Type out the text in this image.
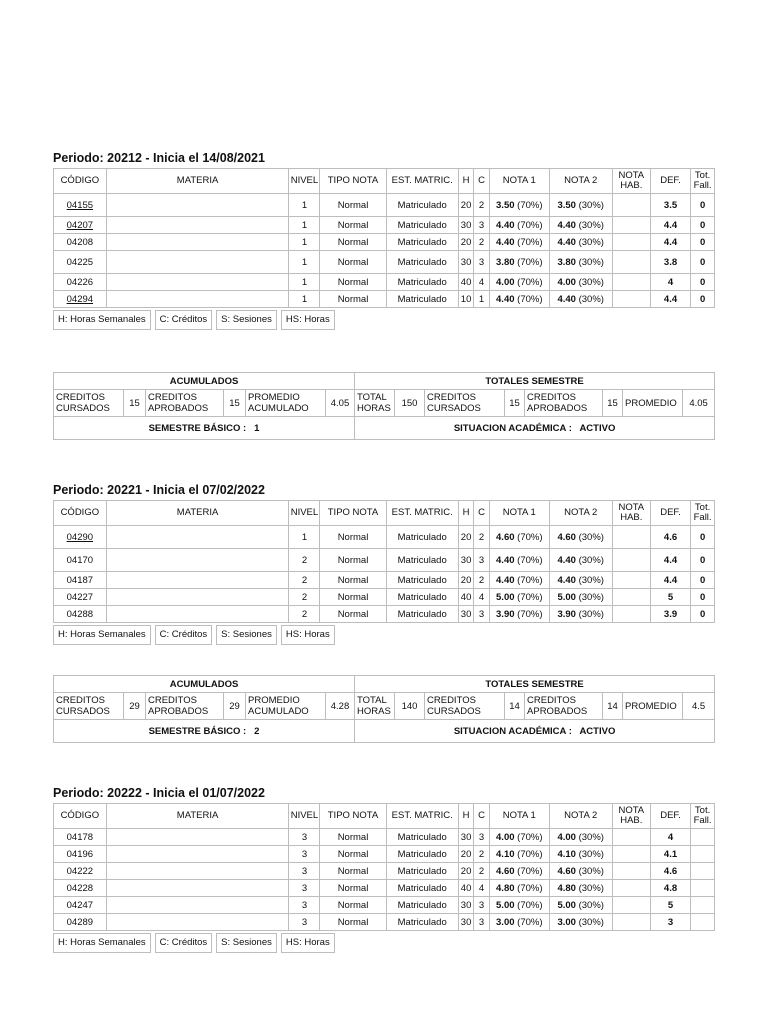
Periodo: 20212 - Inicia el 14/08/2021
CÓDIGO	MATERIA	NIVEL	TIPO NOTA	EST. MATRIC.	H	C	NOTA 1	NOTA 2	NOTA HAB.	DEF.	Tot. Fall.
04155		1	Normal	Matriculado	20	2	3.50 (70%)	3.50 (30%)		3.5	0
04207		1	Normal	Matriculado	30	3	4.40 (70%)	4.40 (30%)		4.4	0
04208		1	Normal	Matriculado	20	2	4.40 (70%)	4.40 (30%)		4.4	0
04225		1	Normal	Matriculado	30	3	3.80 (70%)	3.80 (30%)		3.8	0
04226		1	Normal	Matriculado	40	4	4.00 (70%)	4.00 (30%)		4	0
04294		1	Normal	Matriculado	10	1	4.40 (70%)	4.40 (30%)		4.4	0
H: Horas Semanales	C: Créditos	S: Sesiones	HS: Horas
ACUMULADOS						TOTALES SEMESTRE							
CREDITOS CURSADOS	15	CREDITOS APROBADOS	15	PROMEDIO ACUMULADO	4.05	TOTAL HORAS	150	CREDITOS CURSADOS	15	CREDITOS APROBADOS	15	PROMEDIO	4.05
SEMESTRE BÁSICO : 1						SITUACION ACADÉMICA : ACTIVO							
Periodo: 20221 - Inicia el 07/02/2022
CÓDIGO	MATERIA	NIVEL	TIPO NOTA	EST. MATRIC.	H	C	NOTA 1	NOTA 2	NOTA HAB.	DEF.	Tot. Fall.
04290		1	Normal	Matriculado	20	2	4.60 (70%)	4.60 (30%)		4.6	0
04170		2	Normal	Matriculado	30	3	4.40 (70%)	4.40 (30%)		4.4	0
04187		2	Normal	Matriculado	20	2	4.40 (70%)	4.40 (30%)		4.4	0
04227		2	Normal	Matriculado	40	4	5.00 (70%)	5.00 (30%)		5	0
04288		2	Normal	Matriculado	30	3	3.90 (70%)	3.90 (30%)		3.9	0
H: Horas Semanales	C: Créditos	S: Sesiones	HS: Horas
ACUMULADOS						TOTALES SEMESTRE							
CREDITOS CURSADOS	29	CREDITOS APROBADOS	29	PROMEDIO ACUMULADO	4.28	TOTAL HORAS	140	CREDITOS CURSADOS	14	CREDITOS APROBADOS	14	PROMEDIO	4.5
SEMESTRE BÁSICO : 2						SITUACION ACADÉMICA : ACTIVO							
Periodo: 20222 - Inicia el 01/07/2022
CÓDIGO	MATERIA	NIVEL	TIPO NOTA	EST. MATRIC.	H	C	NOTA 1	NOTA 2	NOTA HAB.	DEF.	Tot. Fall.
04178		3	Normal	Matriculado	30	3	4.00 (70%)	4.00 (30%)		4	
04196		3	Normal	Matriculado	20	2	4.10 (70%)	4.10 (30%)		4.1	
04222		3	Normal	Matriculado	20	2	4.60 (70%)	4.60 (30%)		4.6	
04228		3	Normal	Matriculado	40	4	4.80 (70%)	4.80 (30%)		4.8	
04247		3	Normal	Matriculado	30	3	5.00 (70%)	5.00 (30%)		5	
04289		3	Normal	Matriculado	30	3	3.00 (70%)	3.00 (30%)		3	
H: Horas Semanales	C: Créditos	S: Sesiones	HS: Horas
